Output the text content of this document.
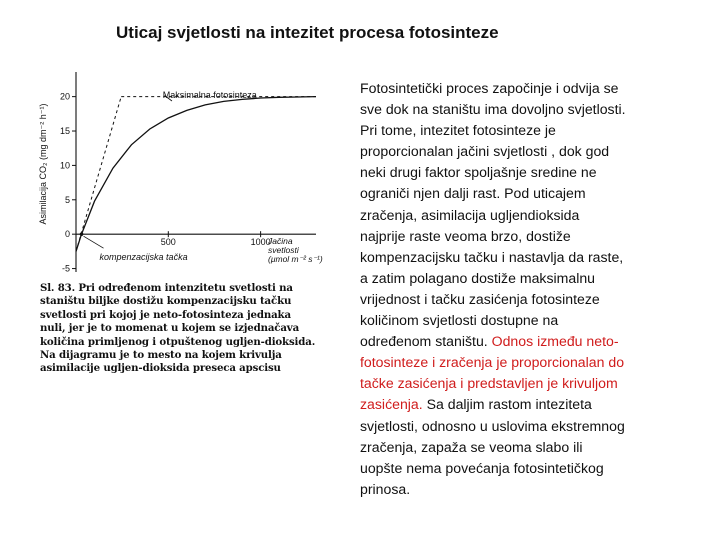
Uticaj svjetlosti na intezitet procesa fotosinteze
-5
0
5
10
15
20
500	1000
kompenzacijska tačka
Maksimalna fotosinteza
Asimilacija CO₂ (mg dm⁻² h⁻¹)
Jačina
svetlosti
(μmol m⁻² s⁻¹)
Sl. 83. Pri određenom intenzitetu svetlosti na
staništu biljke dostižu kompenzacijsku tačku
svetlosti pri kojoj je neto-fotosinteza jednaka
nuli, jer je to momenat u kojem se izjednačava
količina primljenog i otpuštenog ugljen-dioksida.
Na dijagramu je to mesto na kojem krivulja
asimilacije ugljen-dioksida preseca apscisu
Fotosintetički proces započinje i odvija se
sve dok na staništu ima dovoljno svjetlosti.
Pri tome, intezitet fotosinteze je
proporcionalan jačini svjetlosti , dok god
neki drugi faktor spoljašnje sredine ne
ograniči njen dalji rast. Pod uticajem
zračenja, asimilacija ugljendioksida
najprije raste veoma brzo, dostiže
kompenzacijsku tačku i nastavlja da raste,
a zatim polagano dostiže maksimalnu
vrijednost i tačku zasićenja fotosinteze
količinom svjetlosti dostupne na
određenom staništu. Odnos između neto-
fotosinteze i zračenja je proporcionalan do
tačke zasićenja i predstavljen je krivuljom
zasićenja. Sa daljim rastom inteziteta
svjetlosti, odnosno u uslovima ekstremnog
zračenja, zapaža se veoma slabo ili
uopšte nema povećanja fotosintetičkog
prinosa.
